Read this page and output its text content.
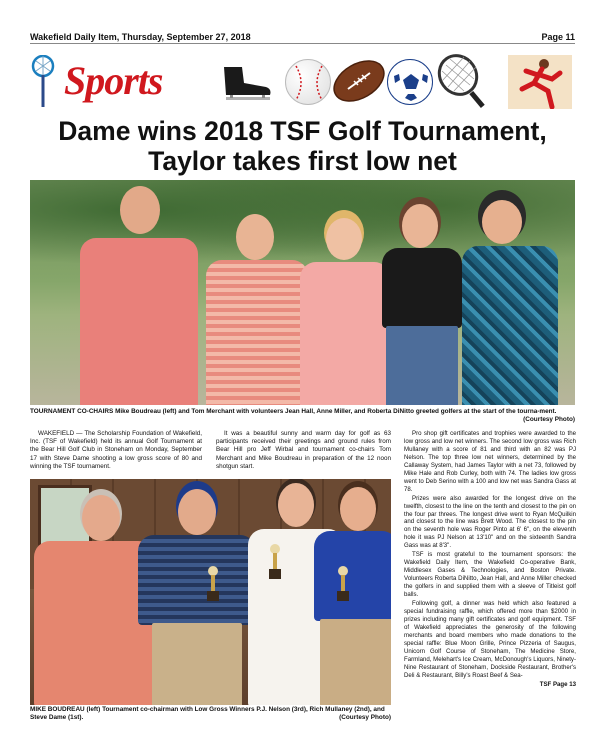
Wakefield Daily Item, Thursday, September 27, 2018	Page 11
Sports
Dame wins 2018 TSF Golf Tournament,
Taylor takes first low net
TOURNAMENT CO-CHAIRS Mike Boudreau (left) and Tom Merchant with volunteers Jean Hall, Anne Miller, and Roberta DiNitto greeted golfers at the start of the tourna-ment.
(Courtesy Photo)

WAKEFIELD — The Scholarship Foundation of Wakefield, Inc. (TSF of Wakefield) held its annual Golf Tournament at the Bear Hill Golf Club in Stoneham on Monday, September 17 with Steve Dame shooting a low gross score of 80 and winning the TSF tournament.

It was a beautiful sunny and warm day for golf as 63 participants received their greetings and ground rules from Bear Hill pro Jeff Wirbal and tournament co-chairs Tom Merchant and Mike Boudreau in preparation of the 12 noon shotgun start.

Pro shop gift certificates and trophies were awarded to the low gross and low net winners. The second low gross was Rich Mullaney with a score of 81 and third with an 82 was PJ Nelson. The top three low net winners, determined by the Callaway System, had James Taylor with a net 73, followed by Mike Hale and Rob Curley, both with 74. The ladies low gross went to Deb Serino with a 100 and low net was Sandra Gass at 78.

Prizes were also awarded for the longest drive on the twelfth, closest to the line on the tenth and closest to the pin on the four par threes. The longest drive went to Ryan McQuilkin and closest to the line was Brett Wood. The closest to the pin on the seventh hole was Roger Pinto at 6' 6", on the eleventh hole it was PJ Nelson at 13'10" and on the sixteenth Sandra Gass was at 8'3".

TSF is most grateful to the tournament sponsors: the Wakefield Daily Item, the Wakefield Co-operative Bank, Middlesex Gases & Technologies, and Boston Private. Volunteers Roberta DiNitto, Jean Hall, and Anne Miller checked the golfers in and supplied them with a sleeve of Titleist golf balls.

Following golf, a dinner was held which also featured a special fundraising raffle, which offered more than $2000 in prizes including many gift certificates and golf equipment. TSF of Wakefield appreciates the generosity of the following merchants and board members who made donations to the special raffle: Blue Moon Grille, Prince Pizzeria of Saugus, Unicorn Golf Course of Stoneham, The Medicine Store, Farmland, Melehart's Ice Cream, McDonough's Liquors, Ninety-Nine Restaurant of Stoneham, Dockside Restaurant, Brother's Deli & Restaurant, Billy's Roast Beef & Sea-

TSF Page 13
MIKE BOUDREAU (left) Tournament co-chairman with Low Gross Winners P.J. Nelson (3rd), Rich Mullaney (2nd), and Steve Dame (1st).	(Courtesy Photo)
